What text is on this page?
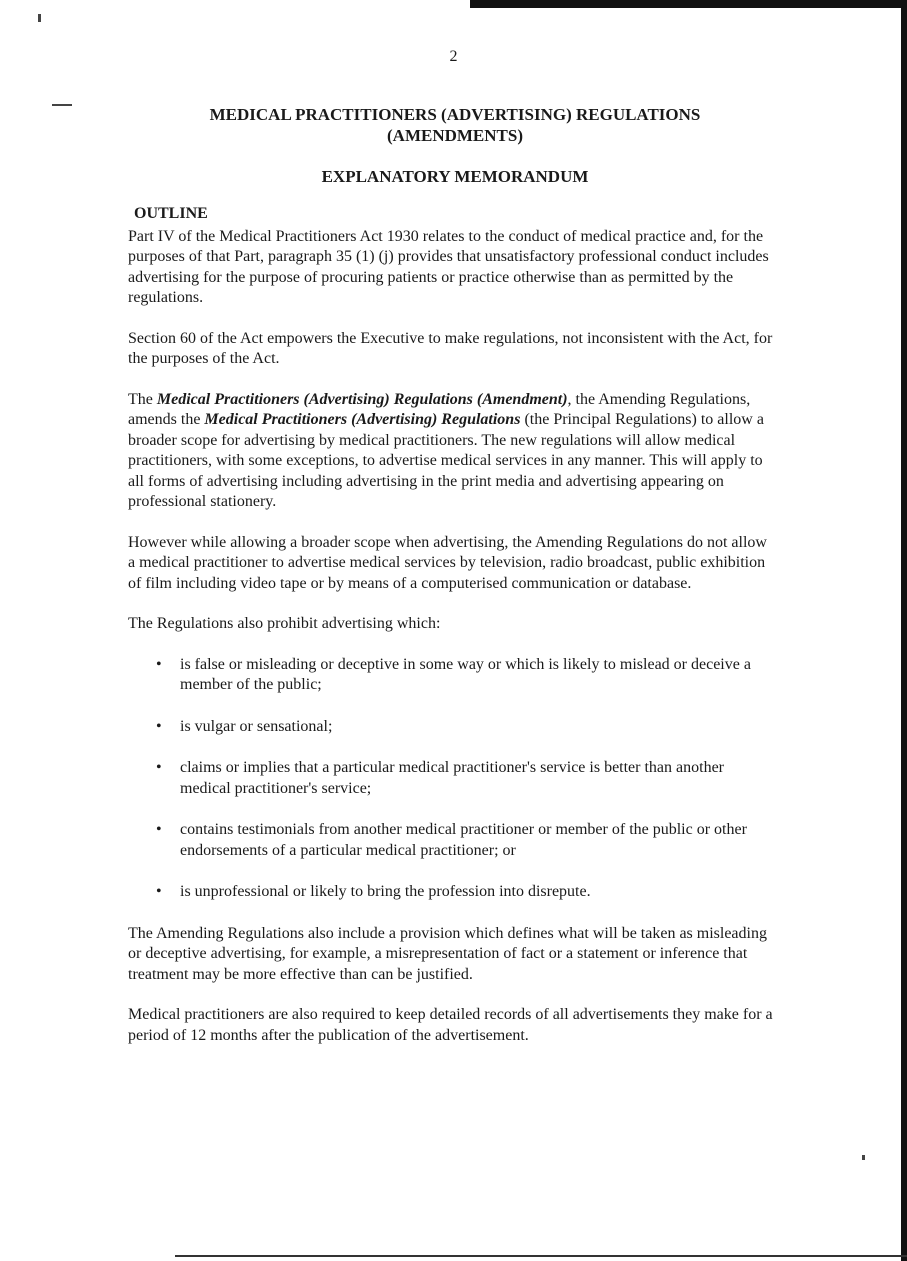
2
MEDICAL PRACTITIONERS (ADVERTISING) REGULATIONS
(AMENDMENTS)
EXPLANATORY MEMORANDUM
OUTLINE

Part IV of the Medical Practitioners Act 1930 relates to the conduct of medical practice and, for the purposes of that Part, paragraph 35 (1) (j) provides that unsatisfactory professional conduct includes advertising for the purpose of procuring patients or practice otherwise than as permitted by the regulations.

Section 60 of the Act empowers the Executive to make regulations, not inconsistent with the Act, for the purposes of the Act.

The Medical Practitioners (Advertising) Regulations (Amendment), the Amending Regulations, amends the Medical Practitioners (Advertising) Regulations (the Principal Regulations) to allow a broader scope for advertising by medical practitioners. The new regulations will allow medical practitioners, with some exceptions, to advertise medical services in any manner. This will apply to all forms of advertising including advertising in the print media and advertising appearing on professional stationery.

However while allowing a broader scope when advertising, the Amending Regulations do not allow a medical practitioner to advertise medical services by television, radio broadcast, public exhibition of film including video tape or by means of a computerised communication or database.

The Regulations also prohibit advertising which:

• is false or misleading or deceptive in some way or which is likely to mislead or deceive a member of the public;
• is vulgar or sensational;
• claims or implies that a particular medical practitioner's service is better than another medical practitioner's service;
• contains testimonials from another medical practitioner or member of the public or other endorsements of a particular medical practitioner; or
• is unprofessional or likely to bring the profession into disrepute.

The Amending Regulations also include a provision which defines what will be taken as misleading or deceptive advertising, for example, a misrepresentation of fact or a statement or inference that treatment may be more effective than can be justified.

Medical practitioners are also required to keep detailed records of all advertisements they make for a period of 12 months after the publication of the advertisement.
